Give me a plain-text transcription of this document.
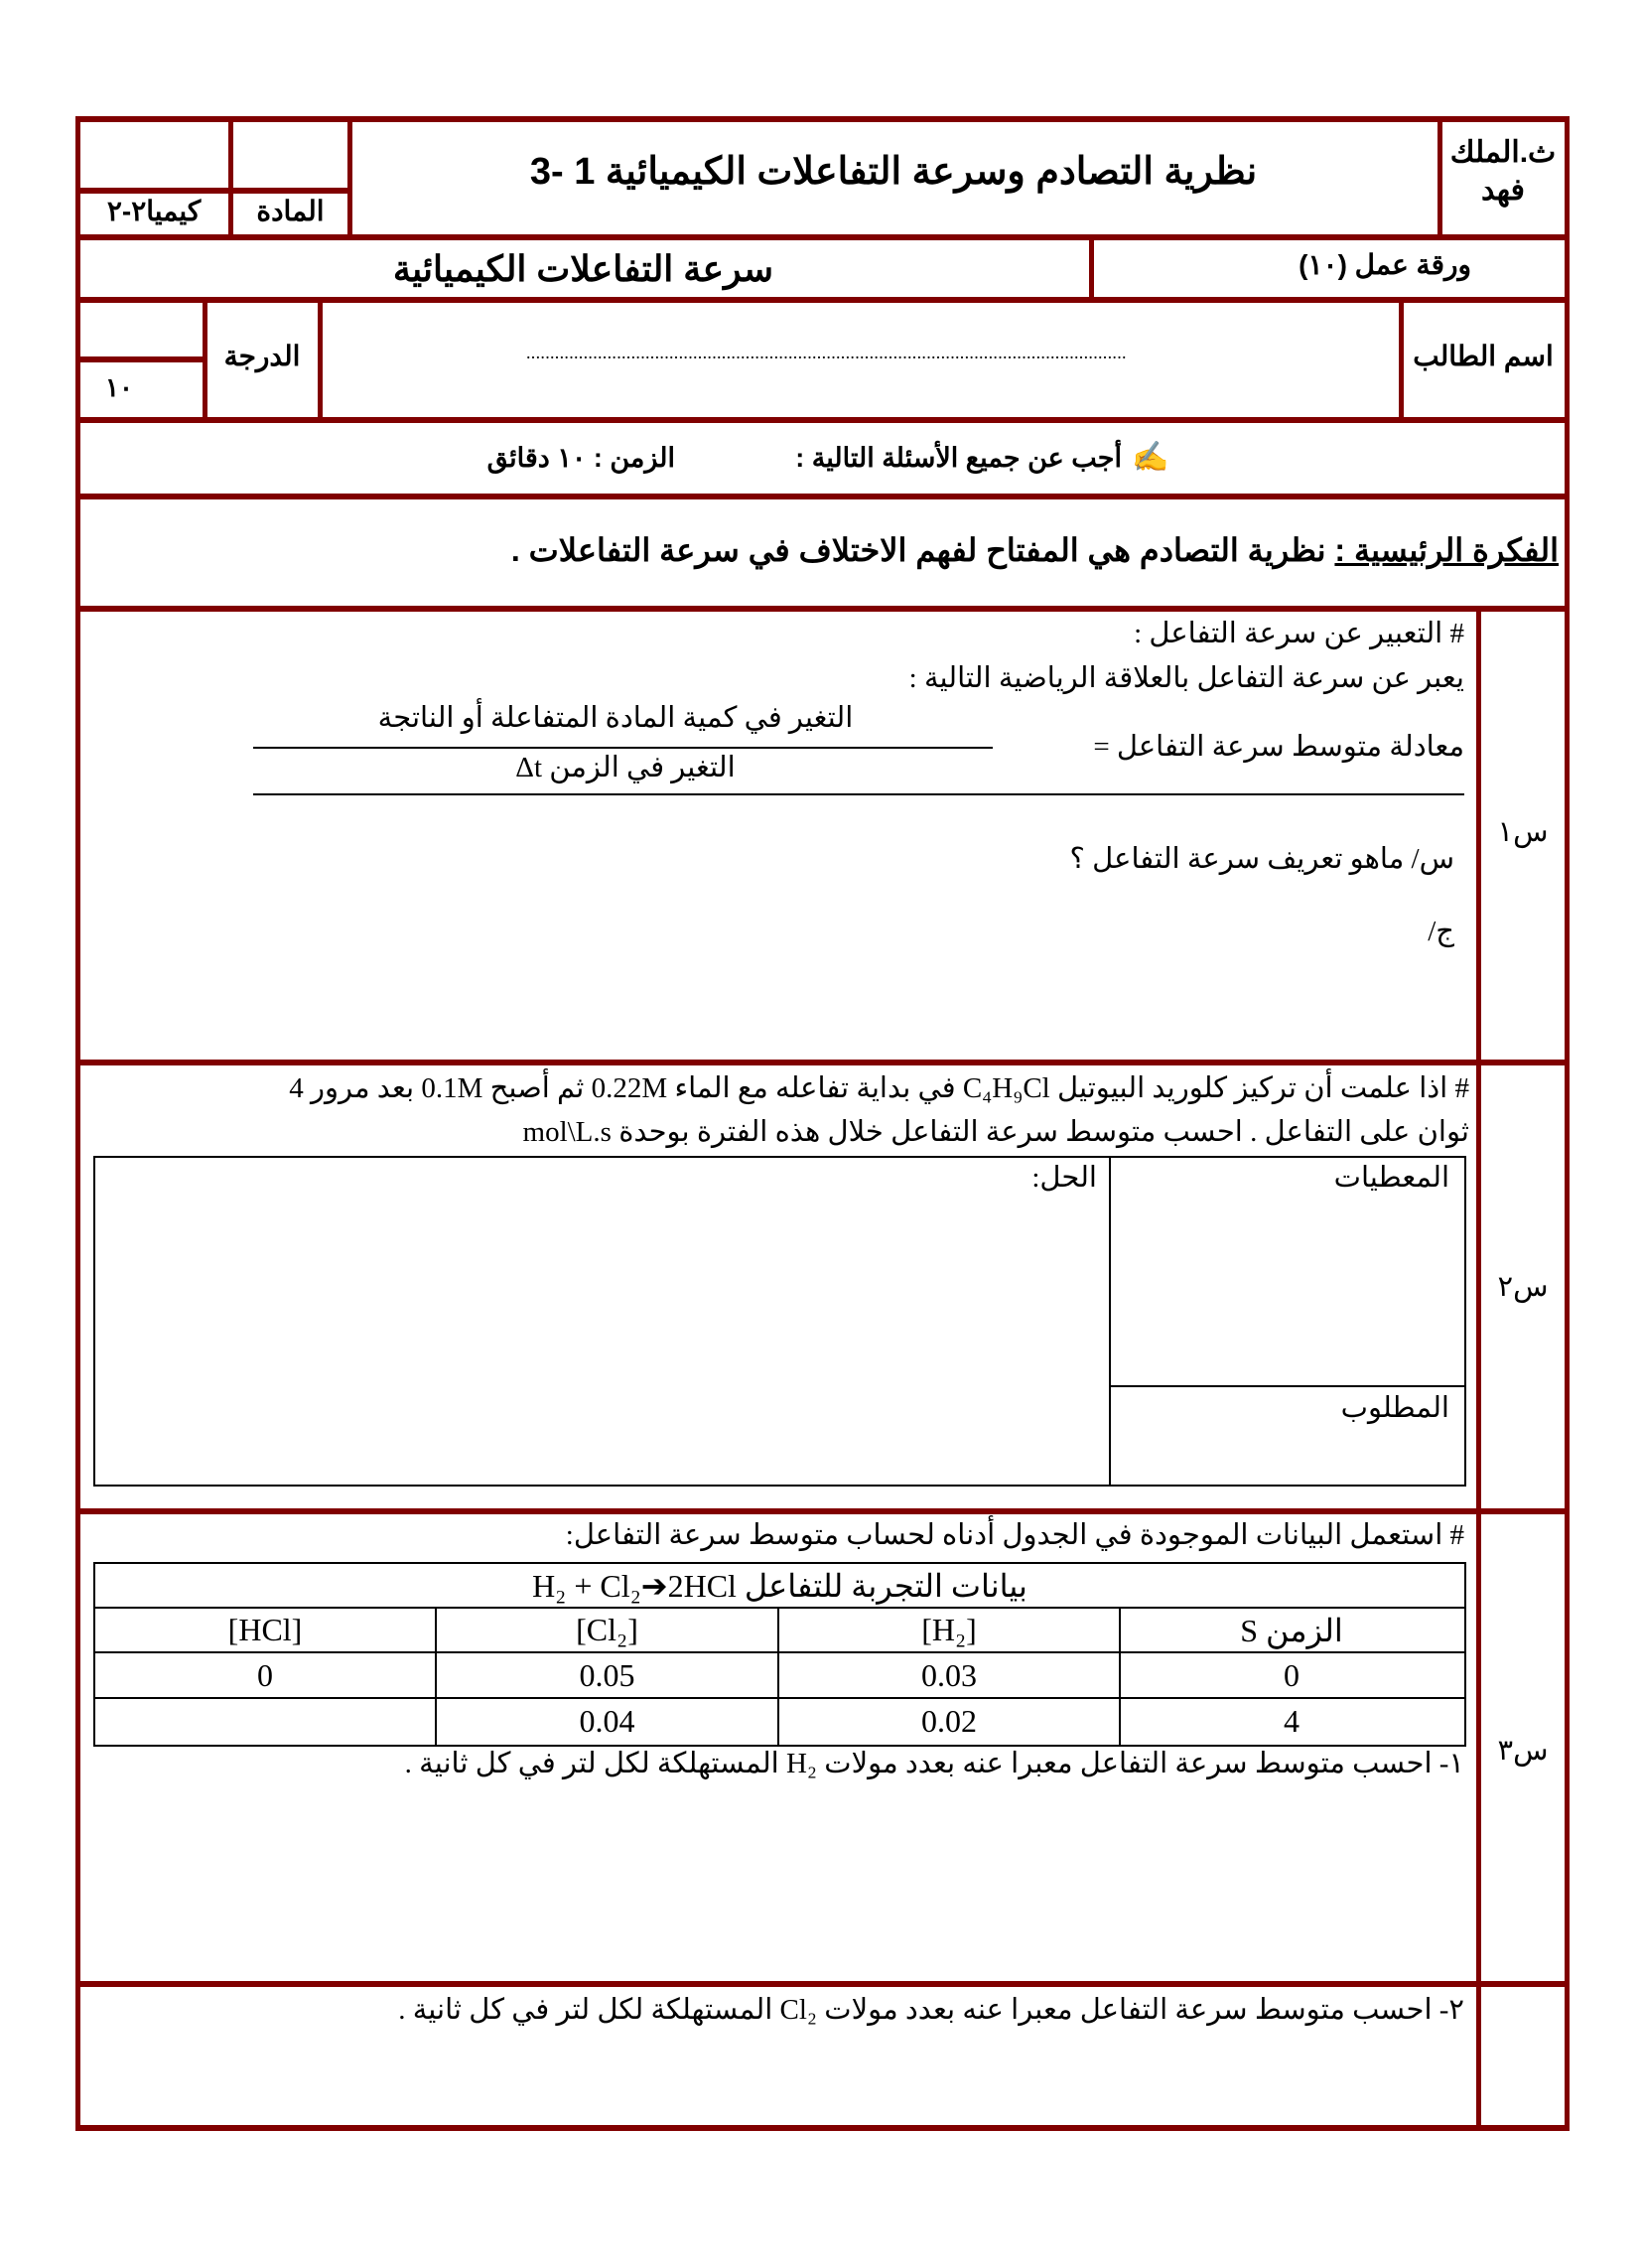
ث.الملك فهد
نظرية التصادم وسرعة التفاعلات الكيميائية 1 -3
كيميا٢-٢	المادة
ورقة عمل (١٠)
سرعة التفاعلات الكيميائية
اسم الطالب
..............................................................................................................................
الدرجة
١٠
✍
أجب عن جميع الأسئلة التالية :
الزمن : ١٠ دقائق
الفكرة الرئيسية : نظرية التصادم هي المفتاح لفهم الاختلاف في سرعة التفاعلات .
س١
# التعبير عن سرعة التفاعل :
يعبر عن سرعة التفاعل بالعلاقة الرياضية التالية :
معادلة متوسط سرعة التفاعل =
التغير في كمية المادة المتفاعلة أو الناتجة
التغير في الزمن Δt
س/ ماهو تعريف سرعة التفاعل ؟
ج/
س٢
# اذا علمت أن تركيز كلوريد البيوتيل C₄H₉Cl في بداية تفاعله مع الماء 0.22M ثم أصبح 0.1M بعد مرور 4
ثوان على التفاعل . احسب متوسط سرعة التفاعل خلال هذه الفترة بوحدة mol\L.s
المعطيات
المطلوب
الحل:
س٣
# استعمل البيانات الموجودة في الجدول أدناه لحساب متوسط سرعة التفاعل:
بيانات التجربة للتفاعل H₂ + Cl₂➔2HCl
الزمن S
[H₂]
[Cl₂]
[HCl]
0
0.03
0.05
0
4
0.02
0.04
١- احسب متوسط سرعة التفاعل معبرا عنه بعدد مولات H₂ المستهلكة لكل لتر في كل ثانية .
٢- احسب متوسط سرعة التفاعل معبرا عنه بعدد مولات Cl₂ المستهلكة لكل لتر في كل ثانية .
